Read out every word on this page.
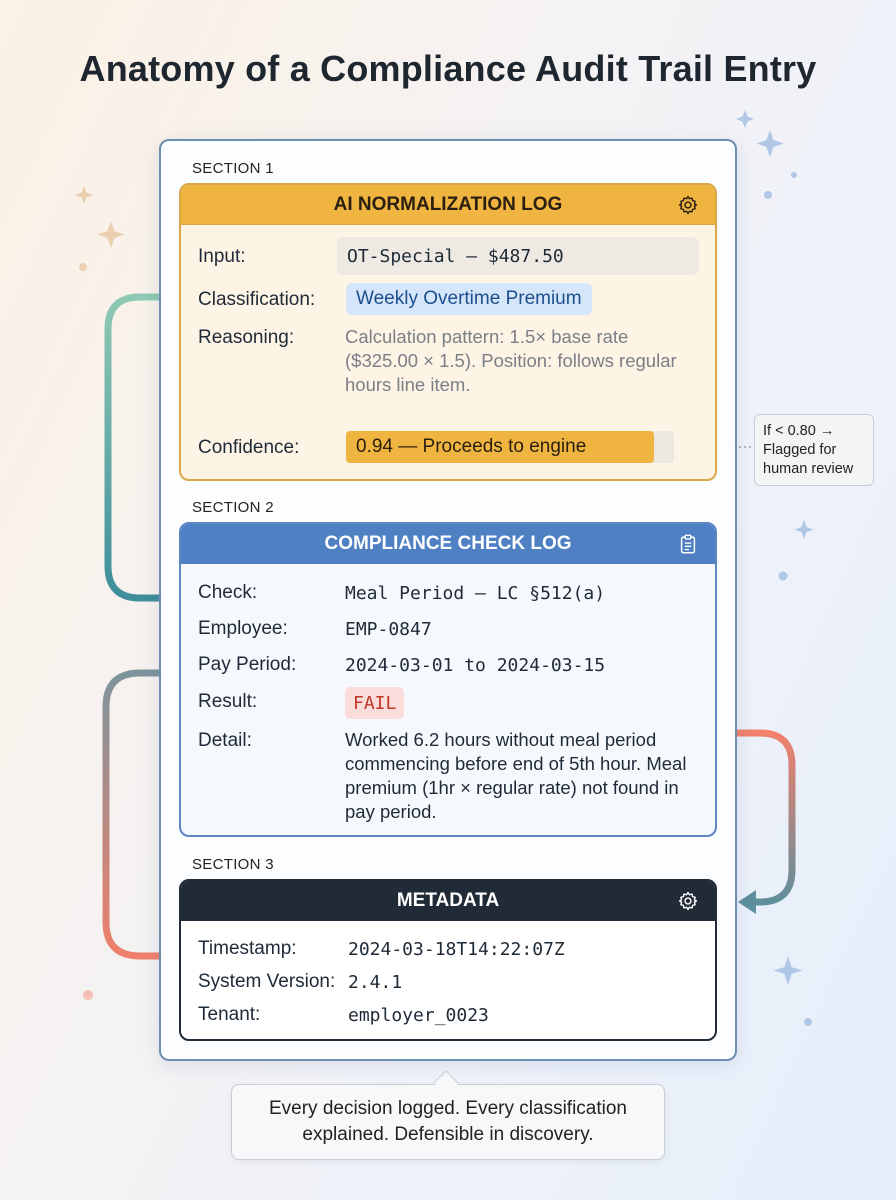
Anatomy of a Compliance Audit Trail Entry
SECTION 1
AI NORMALIZATION LOG
Input:	OT-Special — $487.50
Classification:	Weekly Overtime Premium
Reasoning:	Calculation pattern: 1.5× base rate ($325.00 × 1.5). Position: follows regular hours line item.
Confidence:	0.94 — Proceeds to engine
If < 0.80 → Flagged for human review
SECTION 2
COMPLIANCE CHECK LOG
Check:	Meal Period — LC §512(a)
Employee:	EMP-0847
Pay Period:	2024-03-01 to 2024-03-15
Result:	FAIL
Detail:	Worked 6.2 hours without meal period commencing before end of 5th hour. Meal premium (1hr × regular rate) not found in pay period.
SECTION 3
METADATA
Timestamp:	2024-03-18T14:22:07Z
System Version: 2.4.1
Tenant:	employer_0023
Every decision logged. Every classification explained. Defensible in discovery.
